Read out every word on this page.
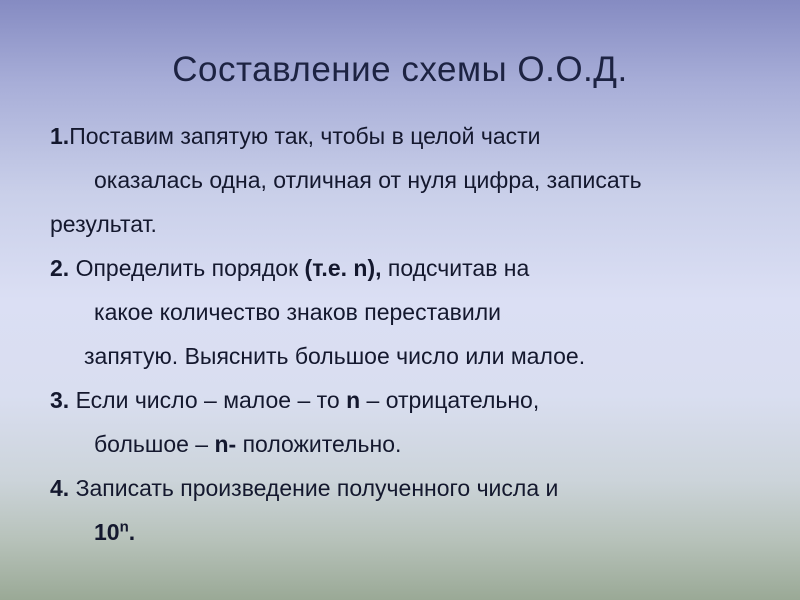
Составление схемы О.О.Д.
1.Поставим запятую так, чтобы в целой части
оказалась одна, отличная от нуля цифра, записать
результат.
2. Определить порядок (т.е. n), подсчитав на
какое количество знаков переставили
запятую. Выяснить большое число или малое.
3. Если число – малое – то n – отрицательно,
большое – n- положительно.
4. Записать произведение полученного числа и
10$^n$.
